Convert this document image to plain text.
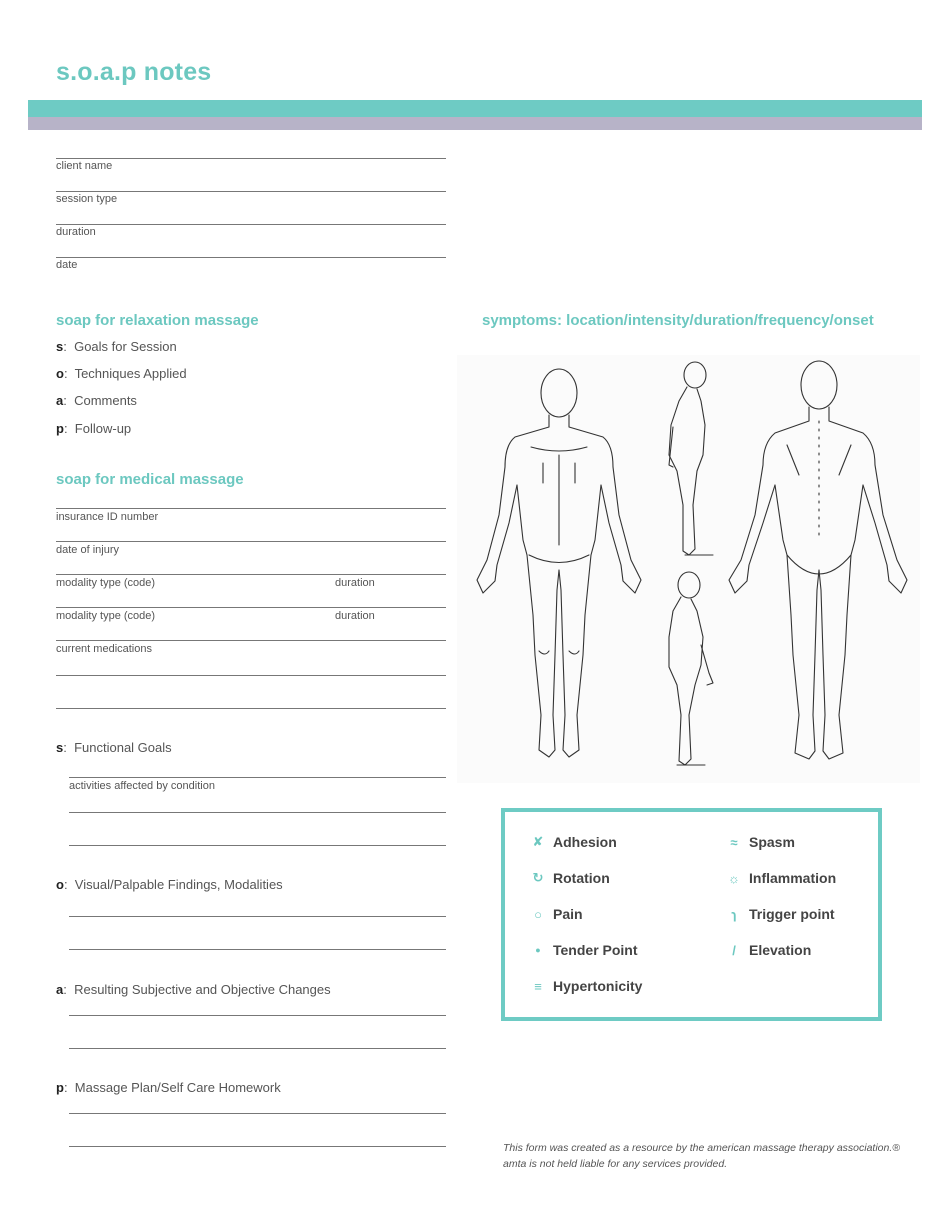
s.o.a.p notes
client name
session type
duration
date
soap for relaxation massage
s:  Goals for Session
o:  Techniques Applied
a:  Comments
p:  Follow-up
soap for medical massage
insurance ID number
date of injury
modality type (code)	duration
modality type (code)	duration
current medications
s:  Functional Goals
activities affected by condition
o:  Visual/Palpable Findings, Modalities
a:  Resulting Subjective and Objective Changes
p:  Massage Plan/Self Care Homework
symptoms: location/intensity/duration/frequency/onset
✘ Adhesion	≈ Spasm
↻ Rotation	☼ Inflammation
○ Pain	ɿ Trigger point
● Tender Point	/ Elevation
≡ Hypertonicity
This form was created as a resource by the american massage therapy association.®
amta is not held liable for any services provided.
